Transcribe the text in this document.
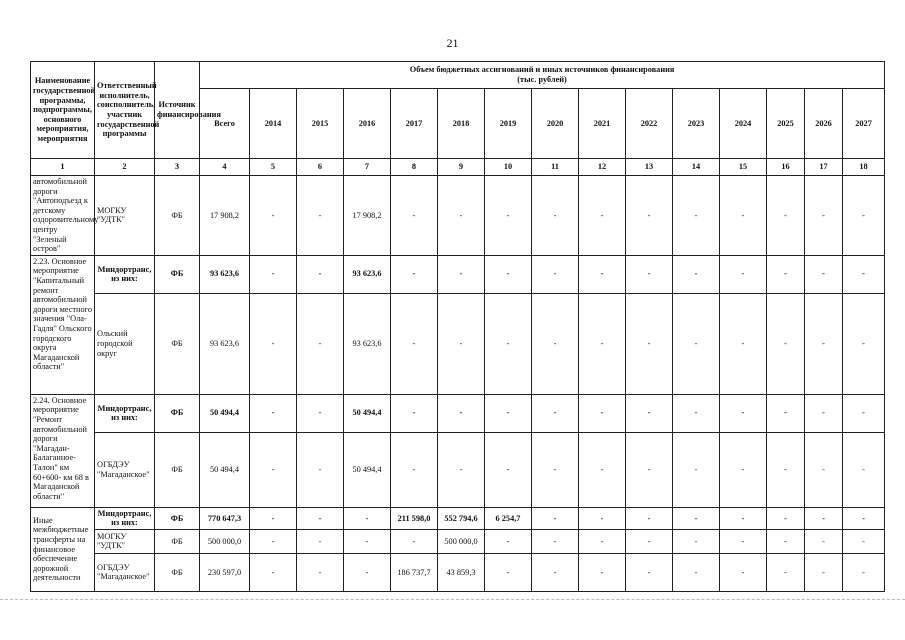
21
Наименование государственной программы, подпрограммы, основного мероприятия, мероприятия	Ответственный исполнитель, соисполнитель, участник государственной программы	Источник финансирования	Объем бюджетных ассигнований и иных источников финансирования
(тыс. рублей)														

			Всего	2014	2015	2016	2017	2018	2019	2020	2021	2022	2023	2024	2025	2026	2027
1	2	3	4	5	6	7	8	9	10	11	12	13	14	15	16	17	18
автомобильной дороги "Автоподъезд к детскому оздоровительному центру "Зеленый остров"	МОГКУ "УДТК"	ФБ	17 908,2	-	-	17 908,2	-	-	-	-	-	-	-	-	-	-	-
2.23. Основное мероприятие "Капитальный ремонт автомобильной дороги местного значения "Ола-Гадля" Ольского городского округа Магаданской области"	Миндортранс, из них:	ФБ	93 623,6	-	-	93 623,6	-	-	-	-	-	-	-	-	-	-	-
	Ольский городской округ	ФБ	93 623,6	-	-	93 623,6	-	-	-	-	-	-	-	-	-	-	-
2.24. Основное мероприятие "Ремонт автомобильной дороги "Магадан-Балаганное-Талон" км 60+600- км 68 в Магаданской области"	Миндортранс, из них:	ФБ	50 494,4	-	-	50 494,4	-	-	-	-	-	-	-	-	-	-	-
	ОГБДЭУ "Магаданское"	ФБ	50 494,4	-	-	50 494,4	-	-	-	-	-	-	-	-	-	-	-
Иные межбюджетные трансферты на финансовое обеспечение дорожной деятельности	Миндортранс, из них:	ФБ	770 647,3	-	-	-	211 598,0	552 794,6	6 254,7	-	-	-	-	-	-	-	-
	МОГКУ "УДТК"	ФБ	500 000,0	-	-	-	-	500 000,0	-	-	-	-	-	-	-	-	-
	ОГБДЭУ "Магаданское"	ФБ	230 597,0	-	-	-	186 737,7	43 859,3	-	-	-	-	-	-	-	-	-
